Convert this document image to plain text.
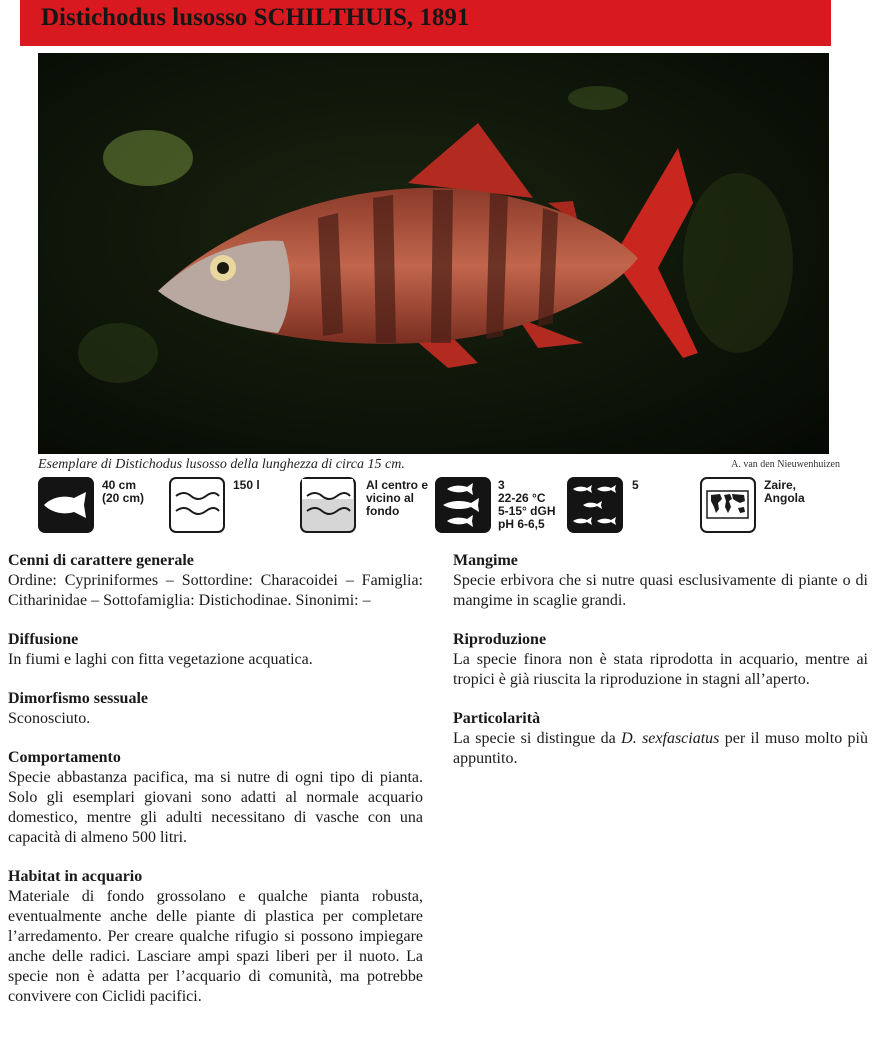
Distichodus lusosso SCHILTHUIS, 1891
Esemplare di Distichodus lusosso della lunghezza di circa 15 cm.	A. van den Nieuwenhuizen
40 cm
(20 cm)
150 l	Al centro e
vicino al
fondo
3
22-26 °C
5-15° dGH
pH 6-6,5
5	Zaire,
Angola
Cenni di carattere generale

Ordine: Cypriniformes – Sottordine: Characoidei – Famiglia: Citharinidae – Sottofamiglia: Distichodinae. Sinonimi: –

Diffusione

In fiumi e laghi con fitta vegetazione acquatica.

Dimorfismo sessuale

Sconosciuto.

Comportamento

Specie abbastanza pacifica, ma si nutre di ogni tipo di pianta. Solo gli esemplari giovani sono adatti al normale acquario domestico, mentre gli adulti necessitano di vasche con una capacità di almeno 500 litri.

Habitat in acquario

Materiale di fondo grossolano e qualche pianta robusta, eventualmente anche delle piante di plastica per completare l’arredamento. Per creare qualche rifugio si possono impiegare anche delle radici. Lasciare ampi spazi liberi per il nuoto. La specie non è adatta per l’acquario di comunità, ma potrebbe convivere con Ciclidi pacifici.

Mangime

Specie erbivora che si nutre quasi esclusivamente di piante o di mangime in scaglie grandi.

Riproduzione

La specie finora non è stata riprodotta in acquario, mentre ai tropici è già riuscita la riproduzione in stagni all’aperto.

Particolarità

La specie si distingue da D. sexfasciatus per il muso molto più appuntito.
